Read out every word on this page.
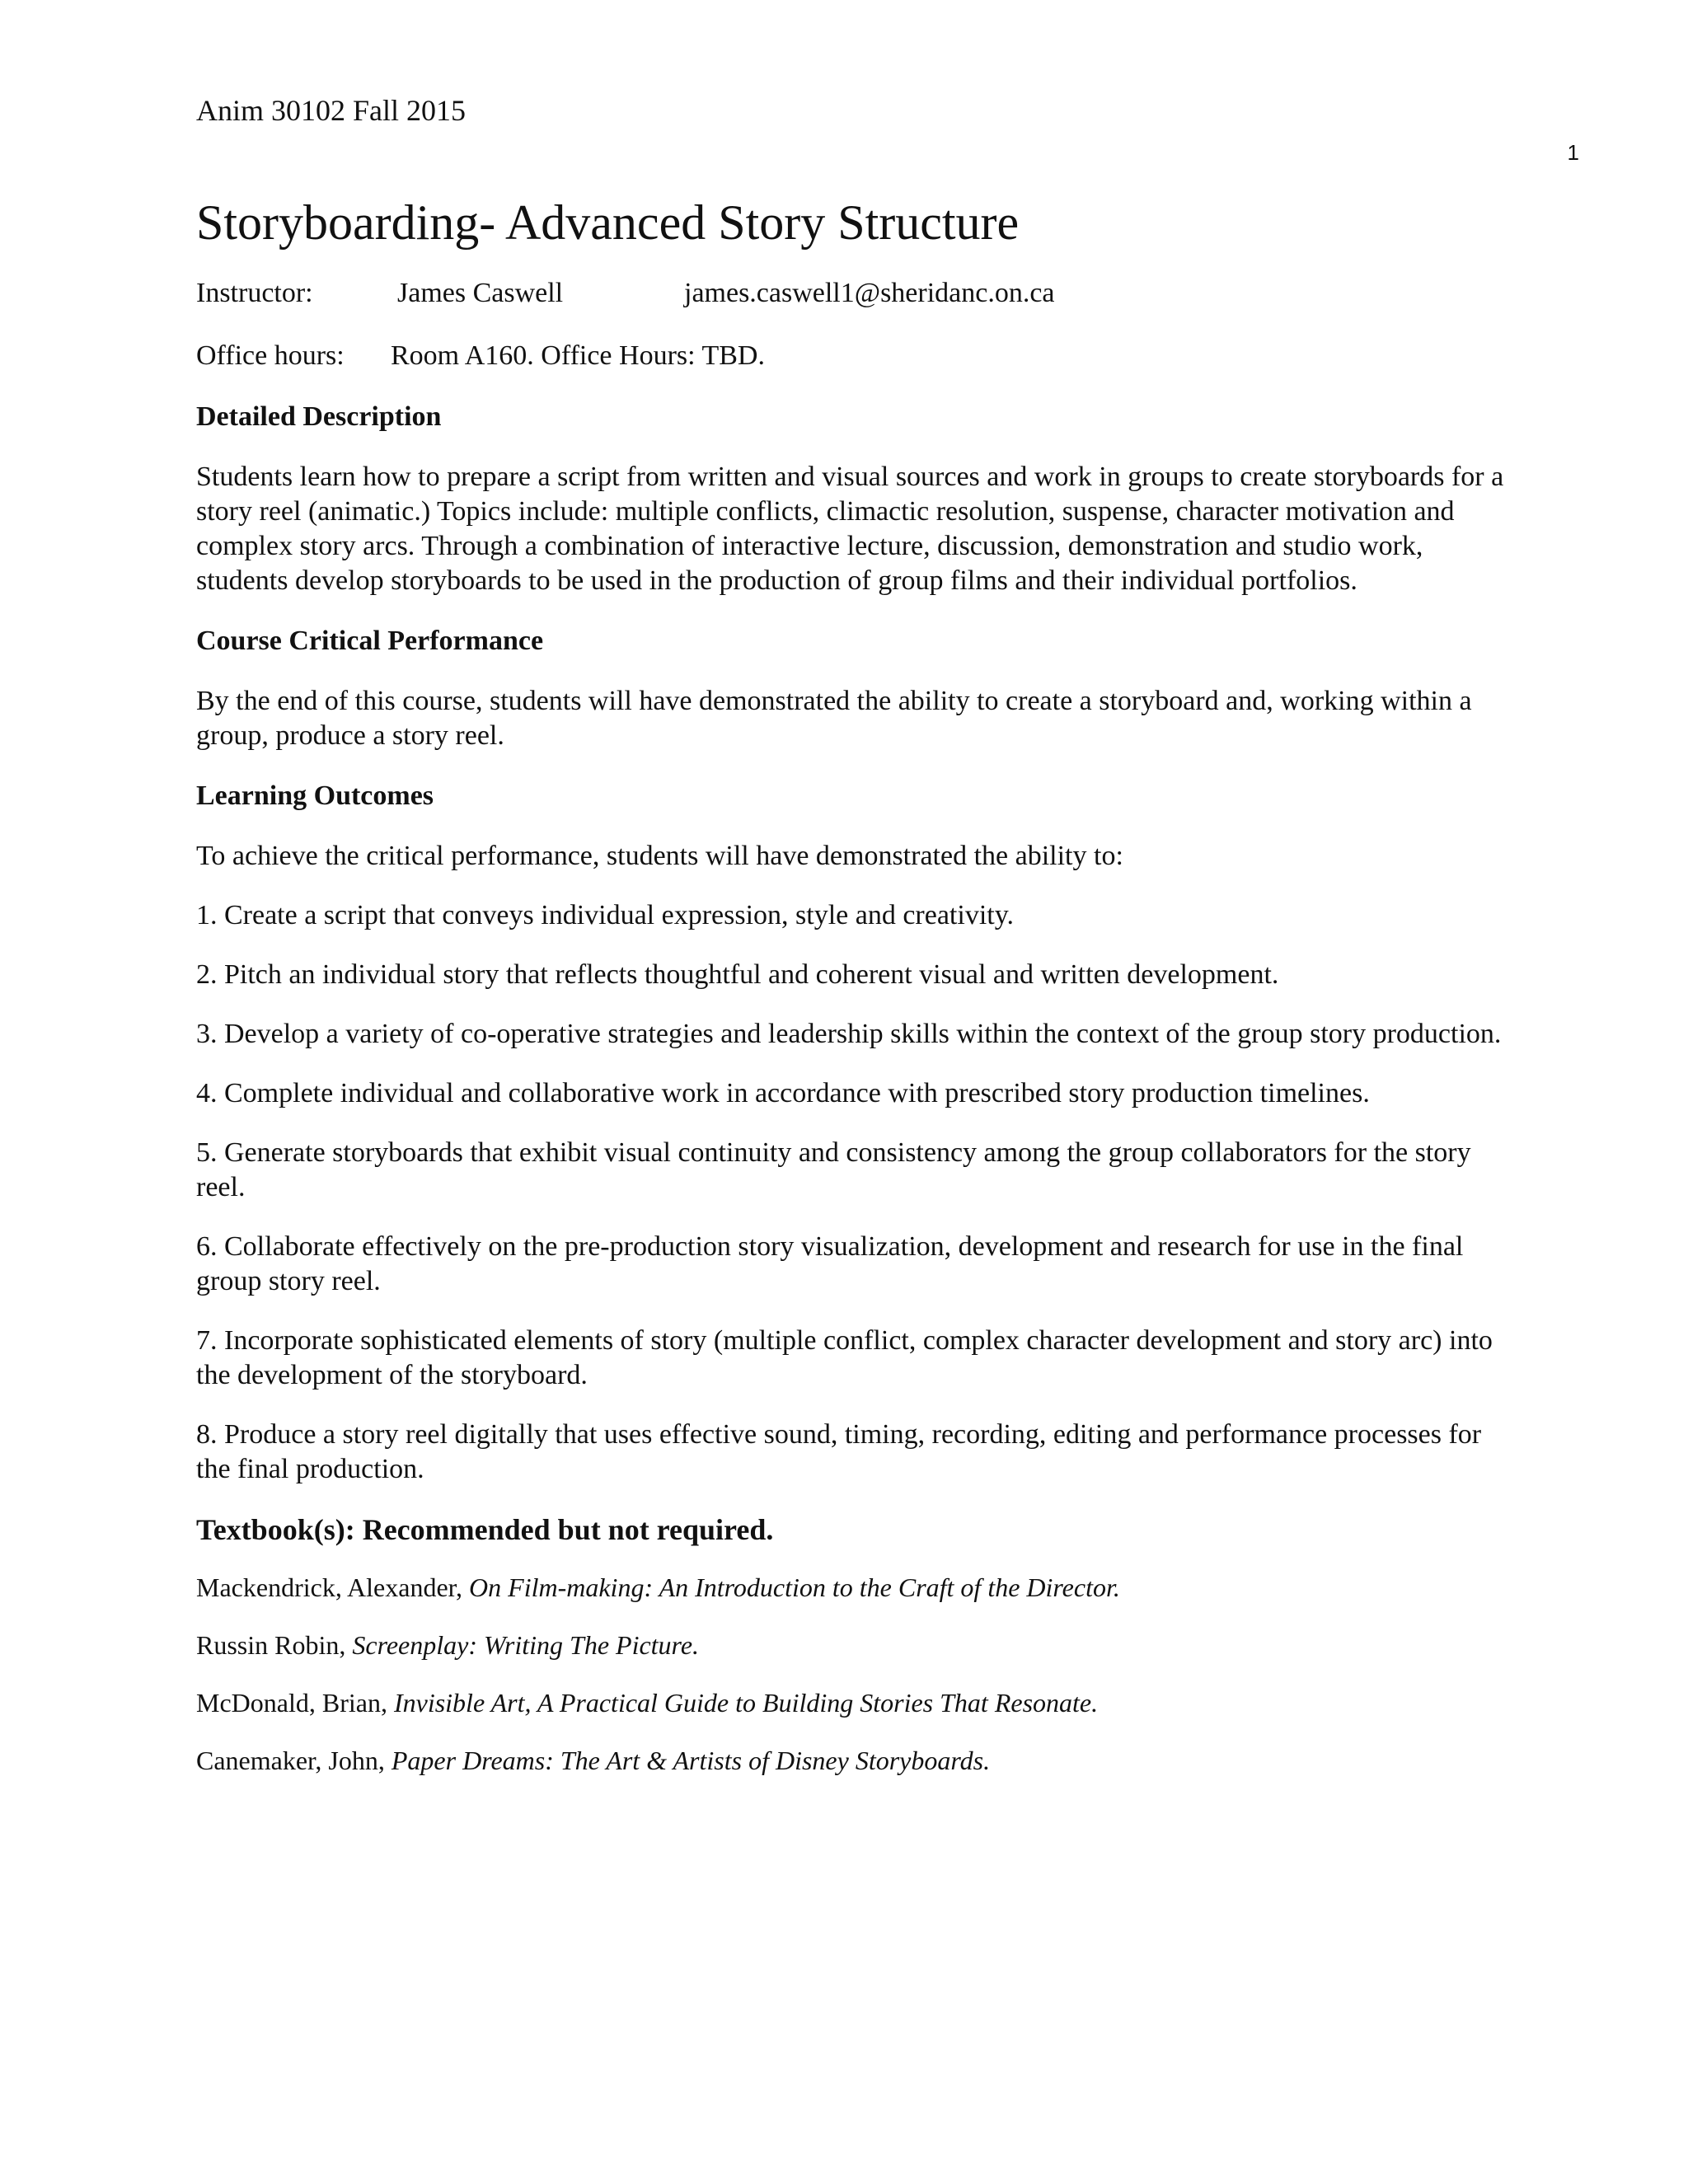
Anim 30102 Fall 2015
1
Storyboarding- Advanced Story Structure
Instructor:	James Caswell	james.caswell1@sheridanc.on.ca
Office hours: Room A160. Office Hours: TBD.
Detailed Description

Students learn how to prepare a script from written and visual sources and work in groups to create storyboards for a story reel (animatic.) Topics include: multiple conflicts, climactic resolution, suspense, character motivation and complex story arcs. Through a combination of interactive lecture, discussion, demonstration and studio work, students develop storyboards to be used in the production of group films and their individual portfolios.

Course Critical Performance

By the end of this course, students will have demonstrated the ability to create a storyboard and, working within a group, produce a story reel.

Learning Outcomes

To achieve the critical performance, students will have demonstrated the ability to:

1. Create a script that conveys individual expression, style and creativity.

2. Pitch an individual story that reflects thoughtful and coherent visual and written development.

3. Develop a variety of co-operative strategies and leadership skills within the context of the group story production.

4. Complete individual and collaborative work in accordance with prescribed story production timelines.

5. Generate storyboards that exhibit visual continuity and consistency among the group collaborators for the story reel.

6. Collaborate effectively on the pre-production story visualization, development and research for use in the final group story reel.

7. Incorporate sophisticated elements of story (multiple conflict, complex character development and story arc) into the development of the storyboard.

8. Produce a story reel digitally that uses effective sound, timing, recording, editing and performance processes for the final production.

Textbook(s): Recommended but not required.

Mackendrick, Alexander, On Film-making: An Introduction to the Craft of the Director.

Russin Robin, Screenplay: Writing The Picture.

McDonald, Brian, Invisible Art, A Practical Guide to Building Stories That Resonate.

Canemaker, John, Paper Dreams: The Art & Artists of Disney Storyboards.
